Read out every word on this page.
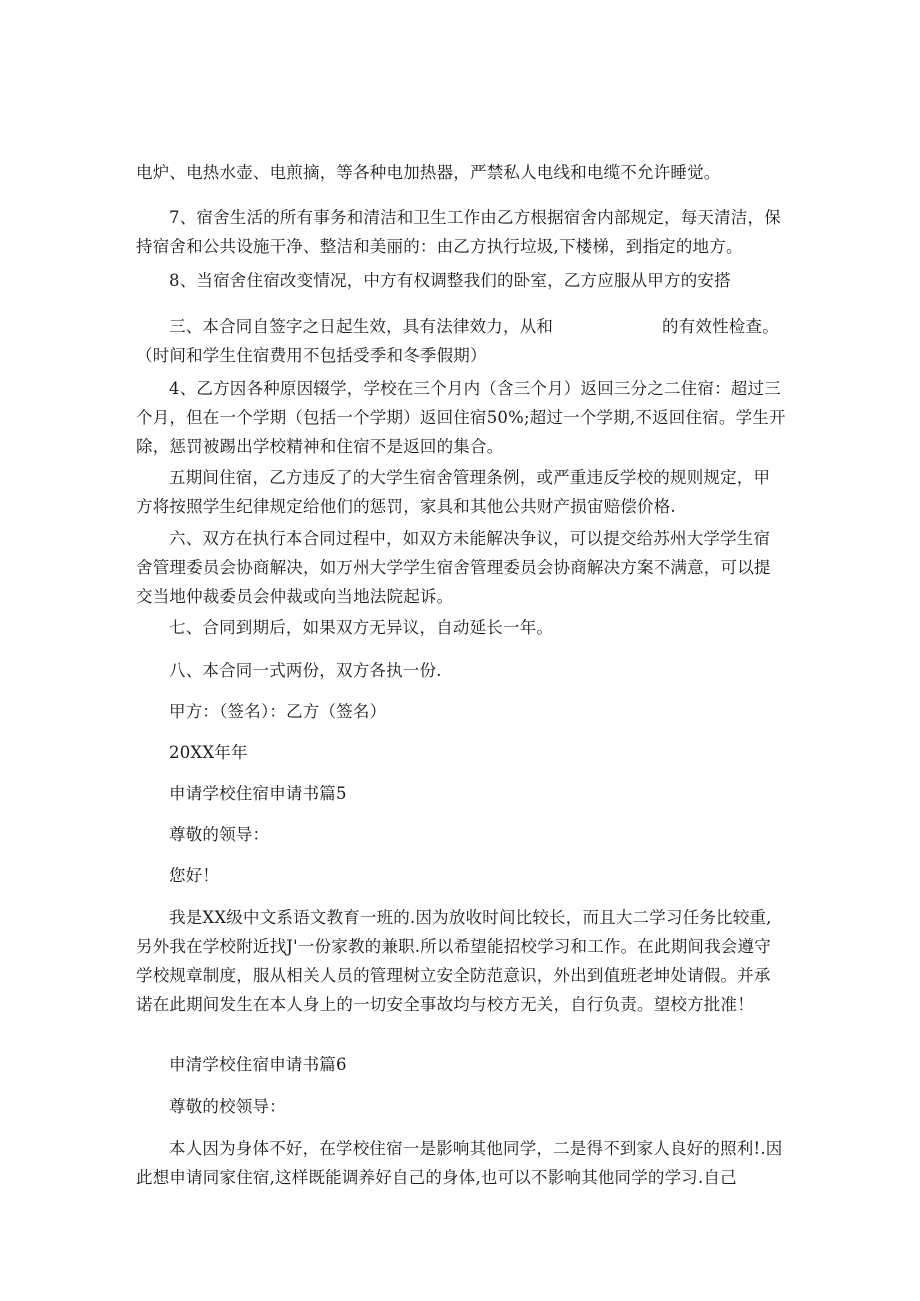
电炉、电热水壶、电煎摘，等各种电加热器，严禁私人电线和电缆不允许睡觉。

7、宿舍生活的所有事务和清洁和卫生工作由乙方根据宿舍内部规定，每天清洁，保持宿舍和公共设施干净、整洁和美丽的：由乙方执行垃圾,下楼梯，到指定的地方。

8、当宿舍住宿改变情况，中方有权调整我们的卧室，乙方应服从甲方的安搭

三、本合同自签字之日起生效，具有法律效力，从和                    的有效性检查。（时间和学生住宿费用不包括受季和冬季假期）

4、乙方因各种原因辍学，学校在三个月内（含三个月）返回三分之二住宿：超过三个月，但在一个学期（包括一个学期）返回住宿50%;超过一个学期,不返回住宿。学生开除，惩罚被踢出学校精神和住宿不是返回的集合。

五期间住宿，乙方违反了的大学生宿舍管理条例，或严重违反学校的规则规定，甲方将按照学生纪律规定给他们的惩罚，家具和其他公共财产损宙赔偿价格.

六、双方在执行本合同过程中，如双方未能解决争议，可以提交给苏州大学学生宿舍管理委员会协商解决，如万州大学学生宿舍管理委员会协商解决方案不满意，可以提交当地仲裁委员会仲裁或向当地法院起诉。

七、合同到期后，如果双方无异议，自动延长一年。

八、本合同一式两份，双方各执一份.

甲方：（签名）：乙方（签名）

20XX年年

申请学校住宿申请书篇5

尊敬的领导：

您好！

我是XX级中文系语文教育一班的.因为放收时间比较长，而且大二学习任务比较重,另外我在学校附近找J'一份家教的兼职.所以希望能招校学习和工作。在此期间我会遵守学校规章制度，服从相关人员的管理树立安全防范意识，外出到值班老坤处请假。并承诺在此期间发生在本人身上的一切安全事故均与校方无关，自行负责。望校方批准！

申清学校住宿申请书篇6

尊敬的校领导：

本人因为身体不好，在学校住宿一是影响其他同学，二是得不到家人良好的照利!.因此想申请同家住宿,这样既能调养好自己的身体,也可以不影响其他同学的学习.自己
